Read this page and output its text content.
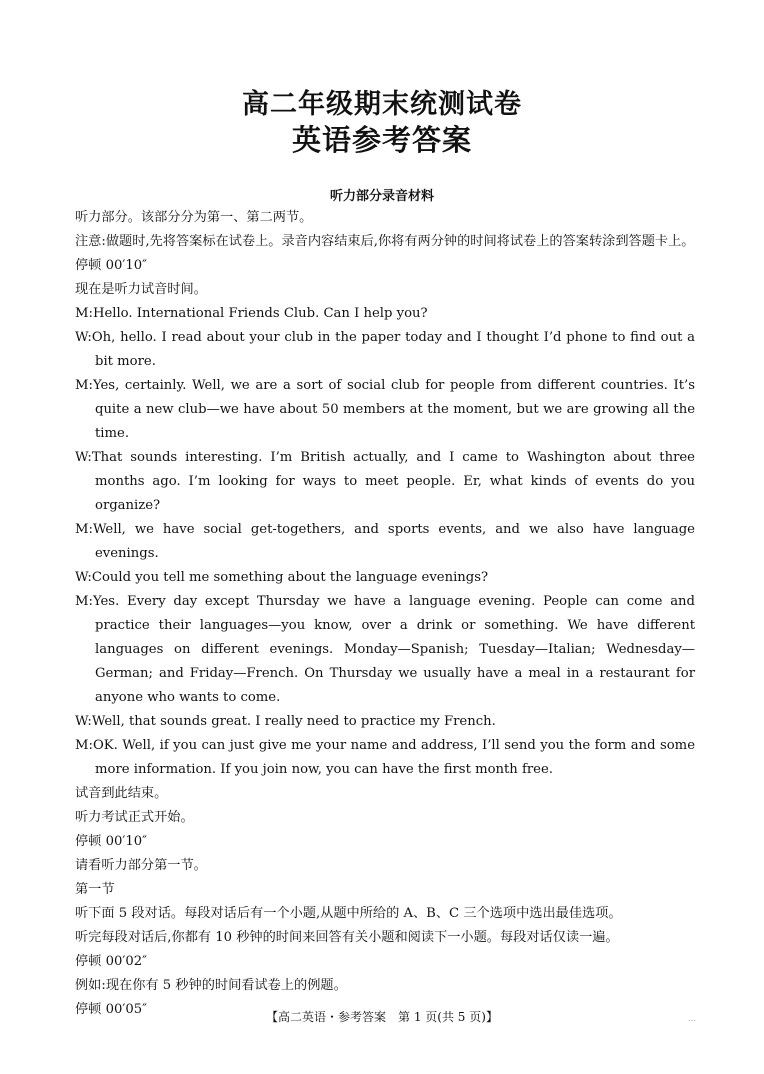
高二年级期末统测试卷
英语参考答案
听力部分录音材料
听力部分。该部分分为第一、第二两节。
注意:做题时,先将答案标在试卷上。录音内容结束后,你将有两分钟的时间将试卷上的答案转涂到答题卡上。
停顿 00′10″
现在是听力试音时间。
M:Hello. International Friends Club. Can I help you?
W:Oh, hello. I read about your club in the paper today and I thought I’d phone to find out a bit more.
M:Yes, certainly. Well, we are a sort of social club for people from different countries. It’s quite a new club—we have about 50 members at the moment, but we are growing all the time.
W:That sounds interesting. I’m British actually, and I came to Washington about three months ago. I’m looking for ways to meet people. Er, what kinds of events do you organize?
M:Well, we have social get-togethers, and sports events, and we also have language evenings.
W:Could you tell me something about the language evenings?
M:Yes. Every day except Thursday we have a language evening. People can come and practice their languages—you know, over a drink or something. We have different languages on different evenings. Monday—Spanish; Tuesday—Italian; Wednesday—German; and Friday—French. On Thursday we usually have a meal in a restaurant for anyone who wants to come.
W:Well, that sounds great. I really need to practice my French.
M:OK. Well, if you can just give me your name and address, I’ll send you the form and some more information. If you join now, you can have the first month free.
试音到此结束。
听力考试正式开始。
停顿 00′10″
请看听力部分第一节。
第一节
听下面 5 段对话。每段对话后有一个小题,从题中所给的 A、B、C 三个选项中选出最佳选项。
听完每段对话后,你都有 10 秒钟的时间来回答有关小题和阅读下一小题。每段对话仅读一遍。
停顿 00′02″
例如:现在你有 5 秒钟的时间看试卷上的例题。
停顿 00′05″	【高二英语・参考答案　第 1 页(共 5 页)】	...
